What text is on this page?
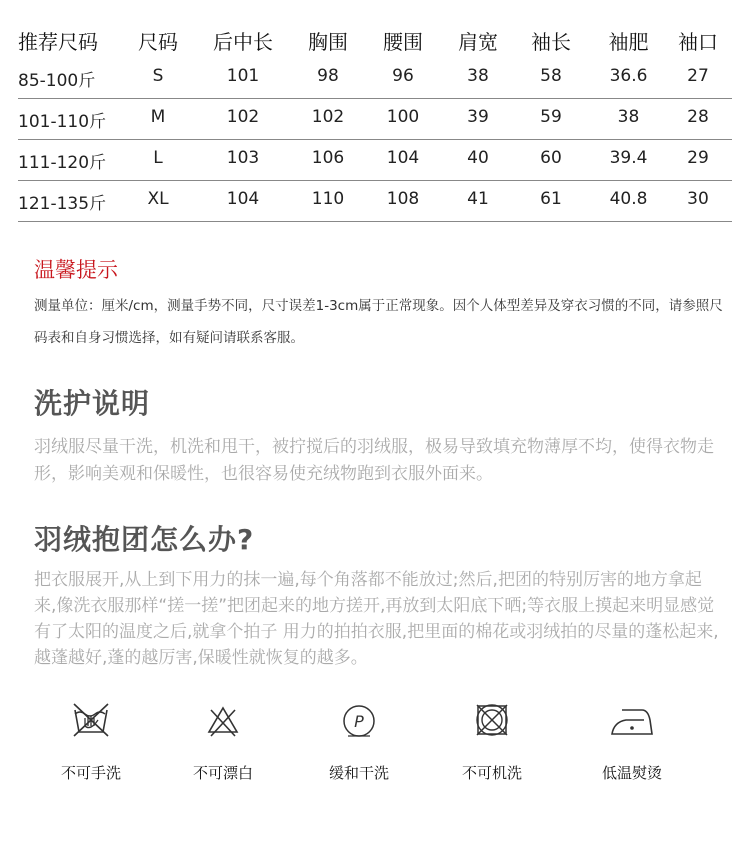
推荐尺码	尺码	后中长	胸围	腰围	肩宽	袖长	袖肥	袖口
85-100斤	S	101	98	96	38	58	36.6	27
101-110斤	M	102	102	100	39	59	38	28
111-120斤	L	103	106	104	40	60	39.4	29
121-135斤	XL	104	110	108	41	61	40.8	30
温馨提示
测量单位：厘米/cm，测量手势不同，尺寸误差1-3cm属于正常现象。因个人体型差异及穿衣习惯的不同，请参照尺码表和自身习惯选择，如有疑问请联系客服。
洗护说明
羽绒服尽量干洗，机洗和甩干，被拧搅后的羽绒服，极易导致填充物薄厚不均，使得衣物走形，影响美观和保暖性，也很容易使充绒物跑到衣服外面来。
羽绒抱团怎么办?
把衣服展开,从上到下用力的抹一遍,每个角落都不能放过;然后,把团的特别厉害的地方拿起来,像洗衣服那样“搓一搓”把团起来的地方搓开,再放到太阳底下晒;等衣服上摸起来明显感觉有了太阳的温度之后,就拿个拍子 用力的拍拍衣服,把里面的棉花或羽绒拍的尽量的蓬松起来,越蓬越好,蓬的越厉害,保暖性就恢复的越多。
不可手洗	不可漂白
P
缓和干洗	不可机洗	低温熨烫
